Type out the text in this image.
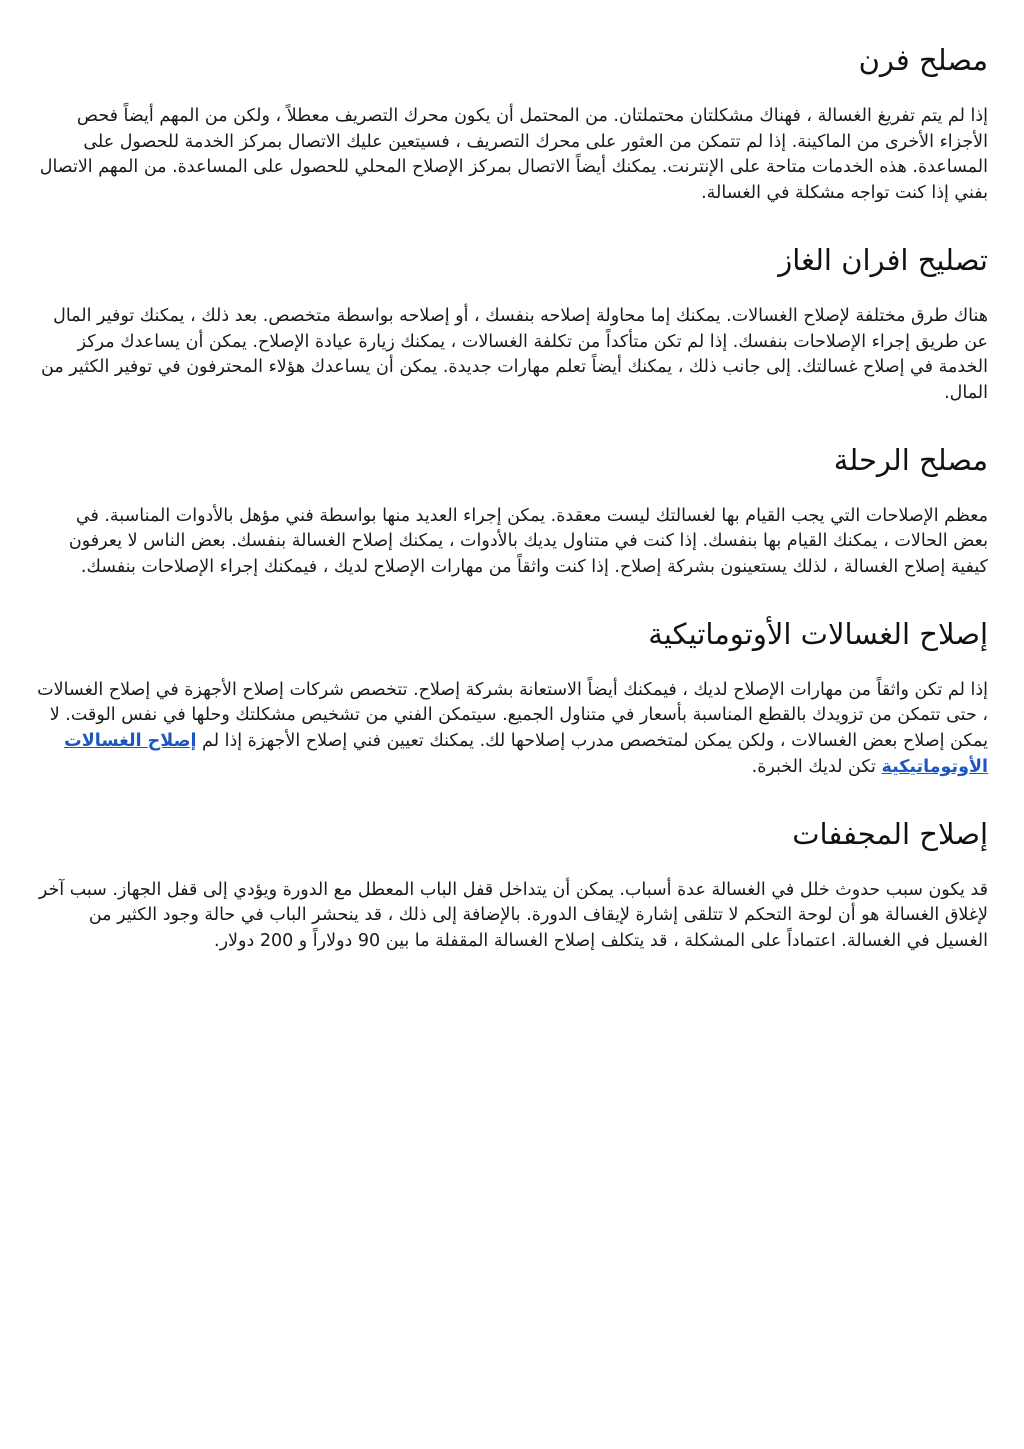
مصلح فرن

إذا لم يتم تفريغ الغسالة ، فهناك مشكلتان محتملتان. من المحتمل أن يكون محرك التصريف معطلاً ، ولكن من المهم أيضاً فحص الأجزاء الأخرى من الماكينة. إذا لم تتمكن من العثور على محرك التصريف ، فسيتعين عليك الاتصال بمركز الخدمة للحصول على المساعدة. هذه الخدمات متاحة على الإنترنت. يمكنك أيضاً الاتصال بمركز الإصلاح المحلي للحصول على المساعدة. من المهم الاتصال بفني إذا كنت تواجه مشكلة في الغسالة.

تصليح افران الغاز

هناك طرق مختلفة لإصلاح الغسالات. يمكنك إما محاولة إصلاحه بنفسك ، أو إصلاحه بواسطة متخصص. بعد ذلك ، يمكنك توفير المال عن طريق إجراء الإصلاحات بنفسك. إذا لم تكن متأكداً من تكلفة الغسالات ، يمكنك زيارة عيادة الإصلاح. يمكن أن يساعدك مركز الخدمة في إصلاح غسالتك. إلى جانب ذلك ، يمكنك أيضاً تعلم مهارات جديدة. يمكن أن يساعدك هؤلاء المحترفون في توفير الكثير من المال.

مصلح الرحلة

معظم الإصلاحات التي يجب القيام بها لغسالتك ليست معقدة. يمكن إجراء العديد منها بواسطة فني مؤهل بالأدوات المناسبة. في بعض الحالات ، يمكنك القيام بها بنفسك. إذا كنت في متناول يديك بالأدوات ، يمكنك إصلاح الغسالة بنفسك. بعض الناس لا يعرفون كيفية إصلاح الغسالة ، لذلك يستعينون بشركة إصلاح. إذا كنت واثقاً من مهارات الإصلاح لديك ، فيمكنك إجراء الإصلاحات بنفسك.

إصلاح الغسالات الأوتوماتيكية

إذا لم تكن واثقاً من مهارات الإصلاح لديك ، فيمكنك أيضاً الاستعانة بشركة إصلاح. تتخصص شركات إصلاح الأجهزة في إصلاح الغسالات ، حتى تتمكن من تزويدك بالقطع المناسبة بأسعار في متناول الجميع. سيتمكن الفني من تشخيص مشكلتك وحلها في نفس الوقت. لا يمكن إصلاح بعض الغسالات ، ولكن يمكن لمتخصص مدرب إصلاحها لك. يمكنك تعيين فني إصلاح الأجهزة إذا لم إصلاح الغسالات الأوتوماتيكية تكن لديك الخبرة.

إصلاح المجففات

قد يكون سبب حدوث خلل في الغسالة عدة أسباب. يمكن أن يتداخل قفل الباب المعطل مع الدورة ويؤدي إلى قفل الجهاز. سبب آخر لإغلاق الغسالة هو أن لوحة التحكم لا تتلقى إشارة لإيقاف الدورة. بالإضافة إلى ذلك ، قد ينحشر الباب في حالة وجود الكثير من الغسيل في الغسالة. اعتماداً على المشكلة ، قد يتكلف إصلاح الغسالة المقفلة ما بين 90 دولاراً و 200 دولار.
